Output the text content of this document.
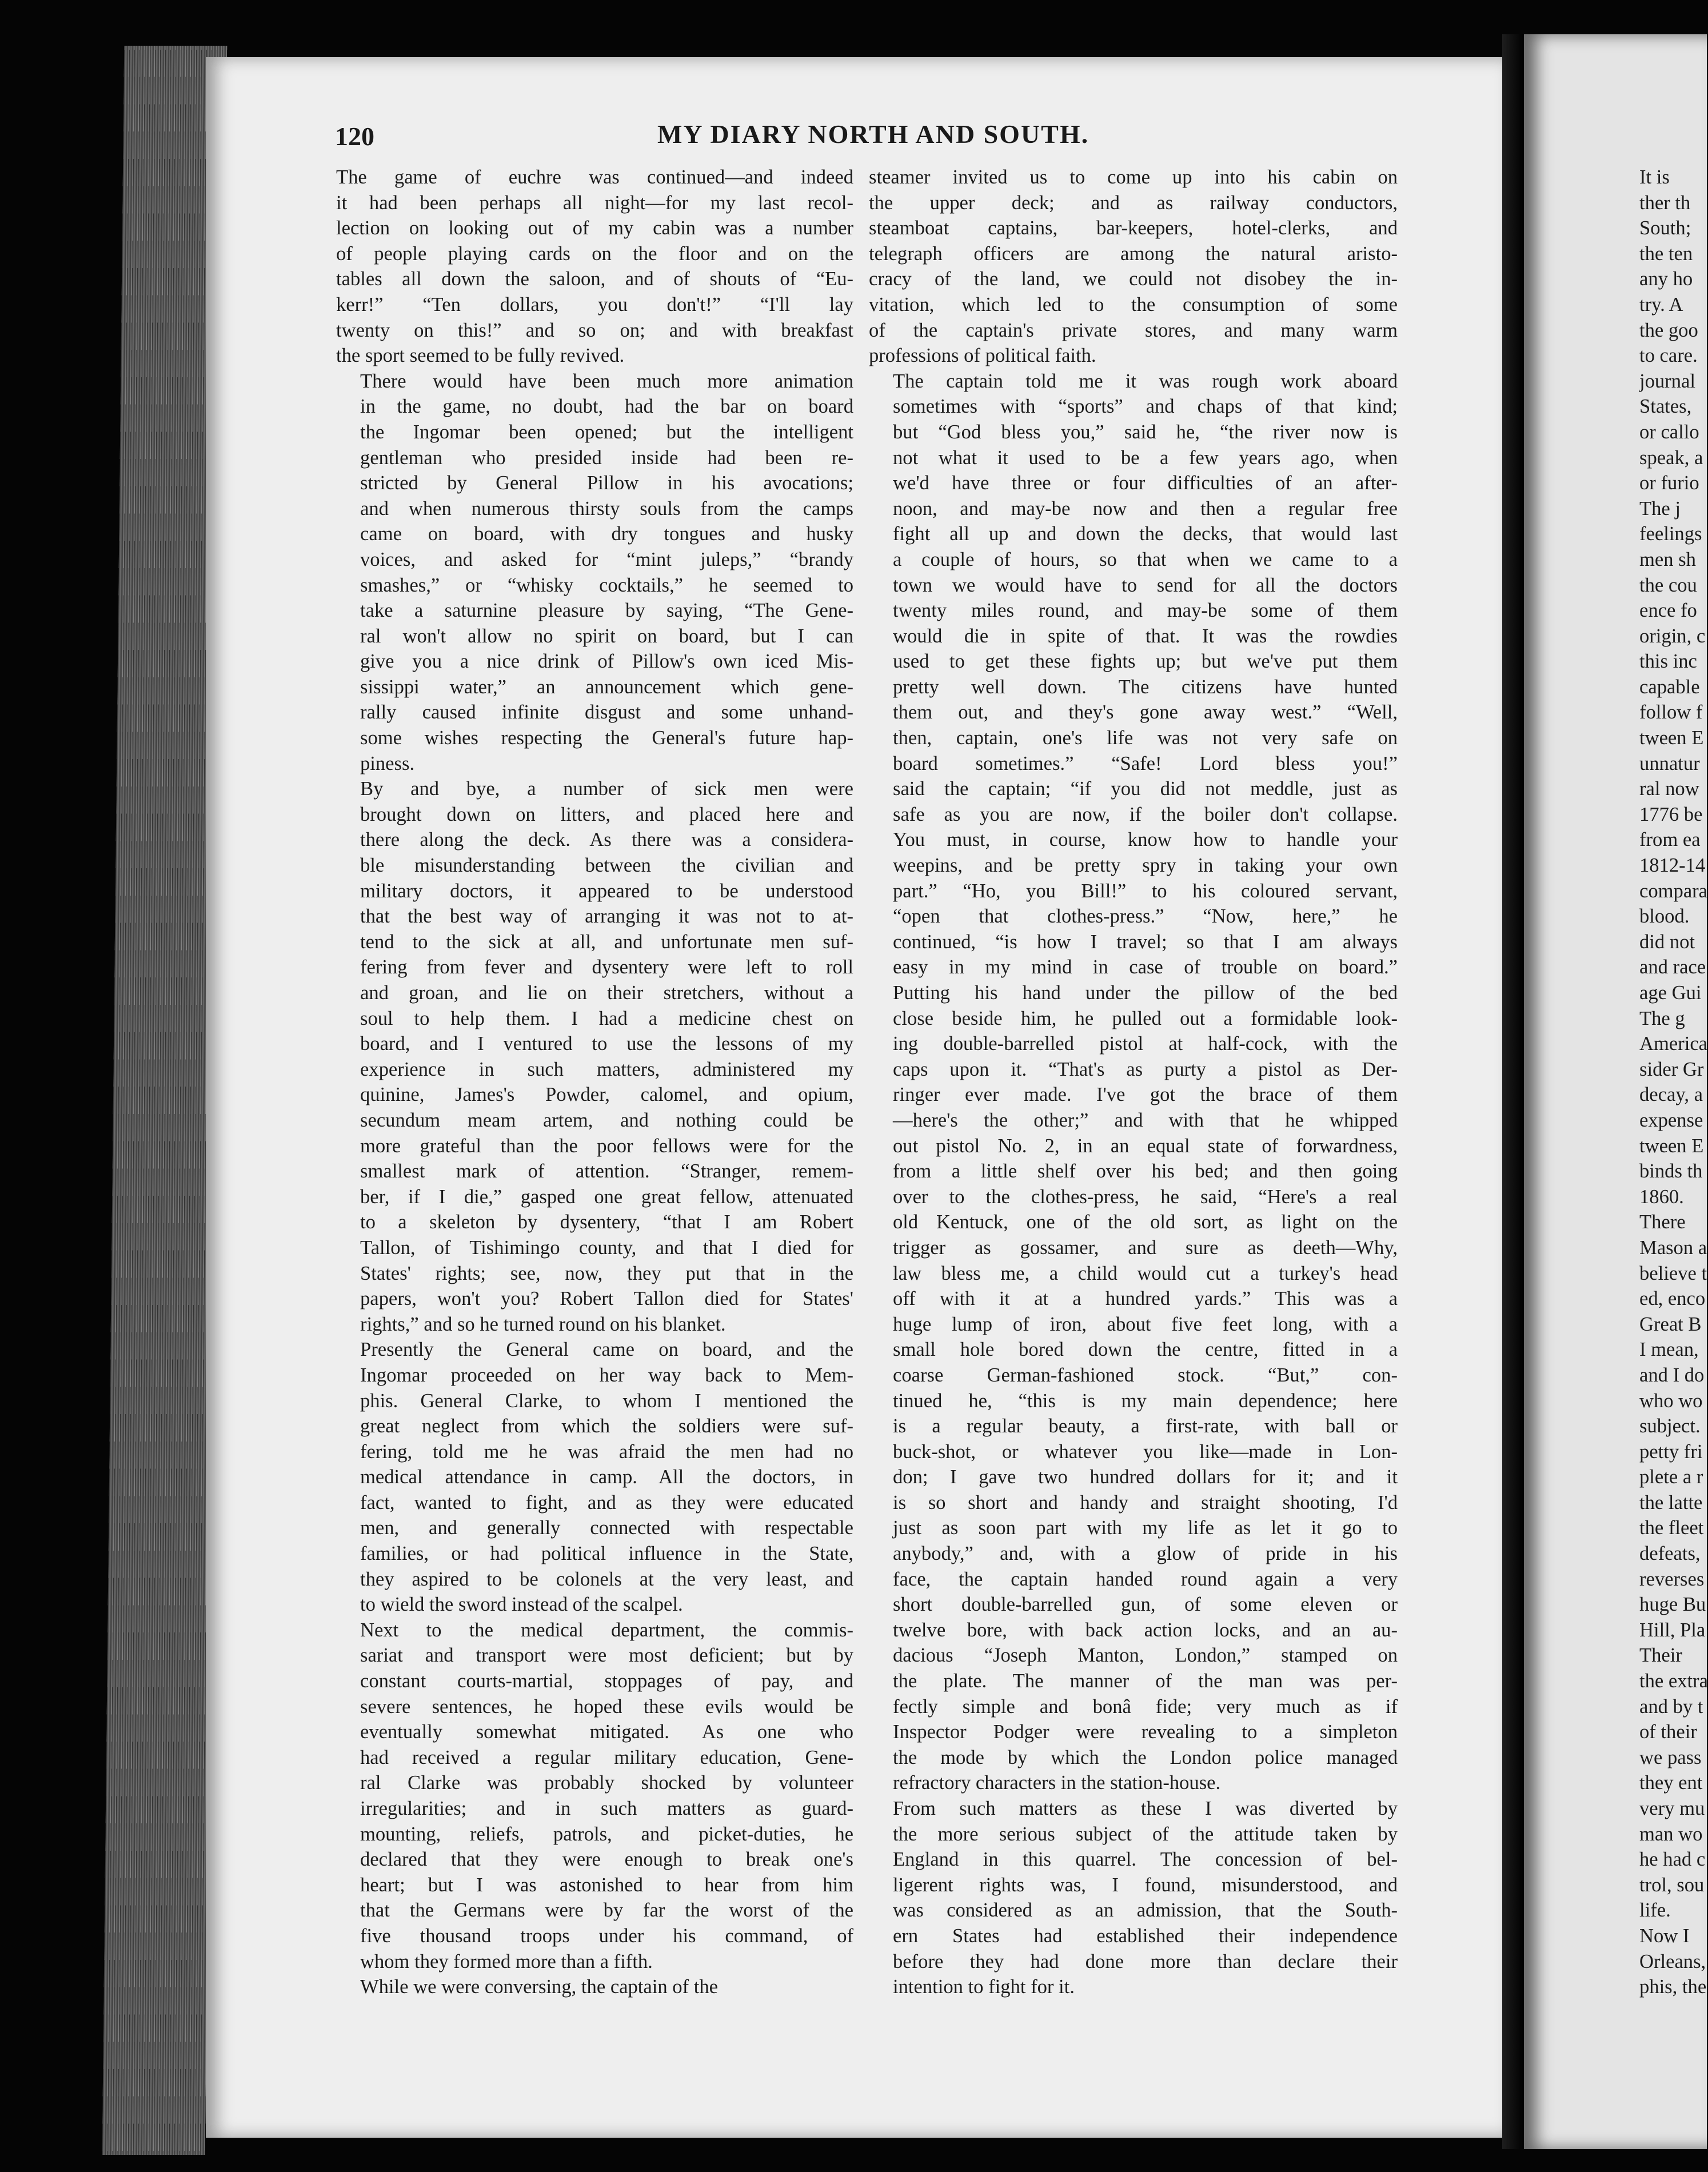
120	MY DIARY NORTH AND SOUTH.

The game of euchre was continued—and indeed
it had been perhaps all night—for my last recol-
lection on looking out of my cabin was a number
of people playing cards on the floor and on the
tables all down the saloon, and of shouts of “Eu-
kerr!” “Ten dollars, you don't!” “I'll lay
twenty on this!” and so on; and with breakfast
the sport seemed to be fully revived.

There would have been much more animation
in the game, no doubt, had the bar on board
the Ingomar been opened; but the intelligent
gentleman who presided inside had been re-
stricted by General Pillow in his avocations;
and when numerous thirsty souls from the camps
came on board, with dry tongues and husky
voices, and asked for “mint juleps,” “brandy
smashes,” or “whisky cocktails,” he seemed to
take a saturnine pleasure by saying, “The Gene-
ral won't allow no spirit on board, but I can
give you a nice drink of Pillow's own iced Mis-
sissippi water,” an announcement which gene-
rally caused infinite disgust and some unhand-
some wishes respecting the General's future hap-
piness.

By and bye, a number of sick men were
brought down on litters, and placed here and
there along the deck. As there was a considera-
ble misunderstanding between the civilian and
military doctors, it appeared to be understood
that the best way of arranging it was not to at-
tend to the sick at all, and unfortunate men suf-
fering from fever and dysentery were left to roll
and groan, and lie on their stretchers, without a
soul to help them. I had a medicine chest on
board, and I ventured to use the lessons of my
experience in such matters, administered my
quinine, James's Powder, calomel, and opium,
secundum meam artem, and nothing could be
more grateful than the poor fellows were for the
smallest mark of attention. “Stranger, remem-
ber, if I die,” gasped one great fellow, attenuated
to a skeleton by dysentery, “that I am Robert
Tallon, of Tishimingo county, and that I died for
States' rights; see, now, they put that in the
papers, won't you? Robert Tallon died for States'
rights,” and so he turned round on his blanket.

Presently the General came on board, and the
Ingomar proceeded on her way back to Mem-
phis. General Clarke, to whom I mentioned the
great neglect from which the soldiers were suf-
fering, told me he was afraid the men had no
medical attendance in camp. All the doctors, in
fact, wanted to fight, and as they were educated
men, and generally connected with respectable
families, or had political influence in the State,
they aspired to be colonels at the very least, and
to wield the sword instead of the scalpel.

Next to the medical department, the commis-
sariat and transport were most deficient; but by
constant courts-martial, stoppages of pay, and
severe sentences, he hoped these evils would be
eventually somewhat mitigated. As one who
had received a regular military education, Gene-
ral Clarke was probably shocked by volunteer
irregularities; and in such matters as guard-
mounting, reliefs, patrols, and picket-duties, he
declared that they were enough to break one's
heart; but I was astonished to hear from him
that the Germans were by far the worst of the
five thousand troops under his command, of
whom they formed more than a fifth.

While we were conversing, the captain of the

steamer invited us to come up into his cabin on
the upper deck; and as railway conductors,
steamboat captains, bar-keepers, hotel-clerks, and
telegraph officers are among the natural aristo-
cracy of the land, we could not disobey the in-
vitation, which led to the consumption of some
of the captain's private stores, and many warm
professions of political faith.

The captain told me it was rough work aboard
sometimes with “sports” and chaps of that kind;
but “God bless you,” said he, “the river now is
not what it used to be a few years ago, when
we'd have three or four difficulties of an after-
noon, and may-be now and then a regular free
fight all up and down the decks, that would last
a couple of hours, so that when we came to a
town we would have to send for all the doctors
twenty miles round, and may-be some of them
would die in spite of that. It was the rowdies
used to get these fights up; but we've put them
pretty well down. The citizens have hunted
them out, and they's gone away west.” “Well,
then, captain, one's life was not very safe on
board sometimes.” “Safe! Lord bless you!”
said the captain; “if you did not meddle, just as
safe as you are now, if the boiler don't collapse.
You must, in course, know how to handle your
weepins, and be pretty spry in taking your own
part.” “Ho, you Bill!” to his coloured servant,
“open that clothes-press.” “Now, here,” he
continued, “is how I travel; so that I am always
easy in my mind in case of trouble on board.”
Putting his hand under the pillow of the bed
close beside him, he pulled out a formidable look-
ing double-barrelled pistol at half-cock, with the
caps upon it. “That's as purty a pistol as Der-
ringer ever made. I've got the brace of them
—here's the other;” and with that he whipped
out pistol No. 2, in an equal state of forwardness,
from a little shelf over his bed; and then going
over to the clothes-press, he said, “Here's a real
old Kentuck, one of the old sort, as light on the
trigger as gossamer, and sure as deeth—Why,
law bless me, a child would cut a turkey's head
off with it at a hundred yards.” This was a
huge lump of iron, about five feet long, with a
small hole bored down the centre, fitted in a
coarse German-fashioned stock. “But,” con-
tinued he, “this is my main dependence; here
is a regular beauty, a first-rate, with ball or
buck-shot, or whatever you like—made in Lon-
don; I gave two hundred dollars for it; and it
is so short and handy and straight shooting, I'd
just as soon part with my life as let it go to
anybody,” and, with a glow of pride in his
face, the captain handed round again a very
short double-barrelled gun, of some eleven or
twelve bore, with back action locks, and an au-
dacious “Joseph Manton, London,” stamped on
the plate. The manner of the man was per-
fectly simple and bonâ fide; very much as if
Inspector Podger were revealing to a simpleton
the mode by which the London police managed
refractory characters in the station-house.

From such matters as these I was diverted by
the more serious subject of the attitude taken by
England in this quarrel. The concession of bel-
ligerent rights was, I found, misunderstood, and
was considered as an admission, that the South-
ern States had established their independence
before they had done more than declare their
intention to fight for it.

It is
ther th
South;
the ten
any ho
try. A
the goo
to care.
journal
States,
or callo
speak, a
or furio
The j
feelings
men sh
the cou
ence fo
origin, c
this inc
capable
follow f
tween E
unnatur
ral now
1776 be
from ea
1812-14
compara
blood.
did not
and race
age Gui
The g
America
sider Gr
decay, a
expense
tween E
binds th
1860.
There
Mason a
believe t
ed, enco
Great B
I mean,
and I do
who wo
subject.
petty fri
plete a r
the latte
the fleet
defeats,
reverses
huge Bu
Hill, Pla
Their
the extra
and by t
of their
we pass
they ent
very mu
man wo
he had c
trol, sou
life.
Now I
Orleans,
phis, the
